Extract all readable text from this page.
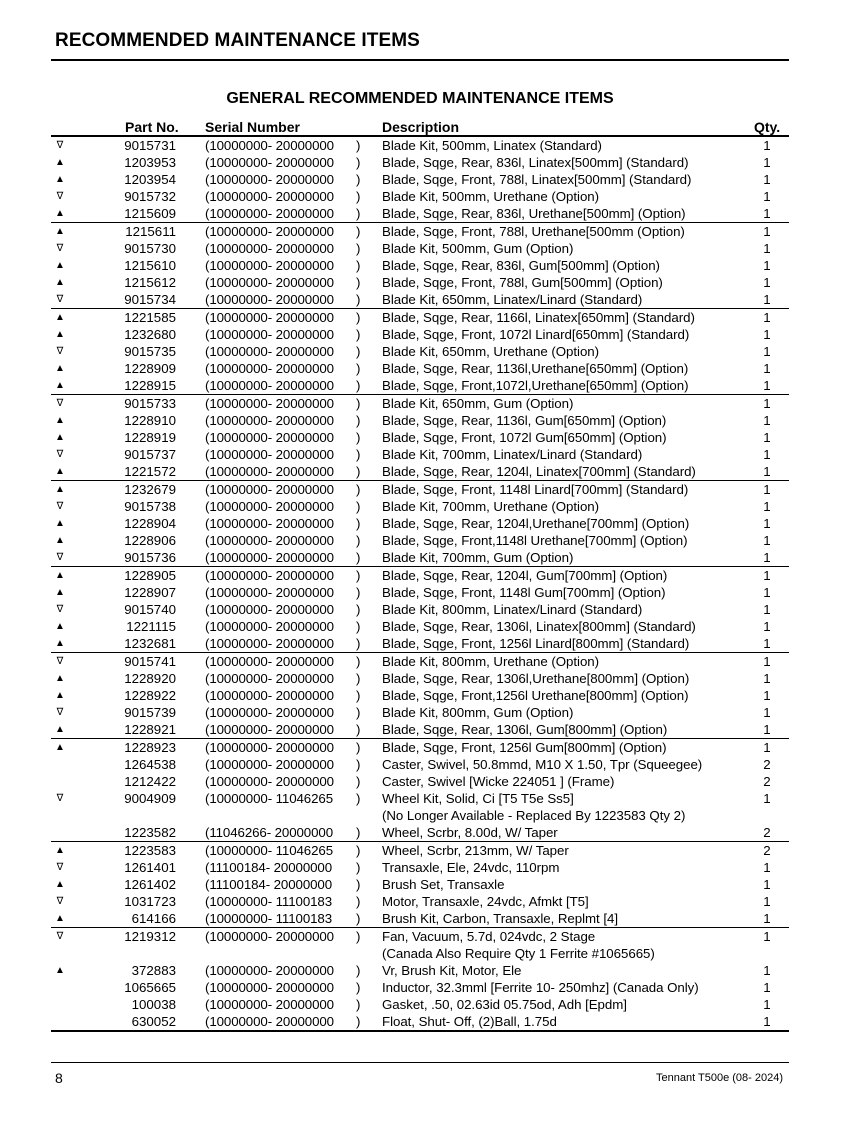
RECOMMENDED MAINTENANCE ITEMS
GENERAL RECOMMENDED MAINTENANCE ITEMS
Part No. Serial Number	Description	Qty.
∇	9015731 (10000000- 20000000 ) Blade Kit, 500mm, Linatex (Standard)	1
▲	1203953 (10000000- 20000000 ) Blade, Sqge, Rear, 836l, Linatex[500mm] (Standard)	1
▲	1203954 (10000000- 20000000 ) Blade, Sqge, Front, 788l, Linatex[500mm] (Standard)	1
∇	9015732 (10000000- 20000000 ) Blade Kit, 500mm, Urethane (Option)	1
▲	1215609 (10000000- 20000000 ) Blade, Sqge, Rear, 836l, Urethane[500mm] (Option)	1
▲	1215611 (10000000- 20000000 ) Blade, Sqge, Front, 788l, Urethane[500mm (Option)	1
∇	9015730 (10000000- 20000000 ) Blade Kit, 500mm, Gum (Option)	1
▲	1215610 (10000000- 20000000 ) Blade, Sqge, Rear, 836l, Gum[500mm] (Option)	1
▲	1215612 (10000000- 20000000 ) Blade, Sqge, Front, 788l, Gum[500mm] (Option)	1
∇	9015734 (10000000- 20000000 ) Blade Kit, 650mm, Linatex/Linard (Standard)	1
▲	1221585 (10000000- 20000000 ) Blade, Sqge, Rear, 1166l, Linatex[650mm] (Standard)	1
▲	1232680 (10000000- 20000000 ) Blade, Sqge, Front, 1072l Linard[650mm] (Standard)	1
∇	9015735 (10000000- 20000000 ) Blade Kit, 650mm, Urethane (Option)	1
▲	1228909 (10000000- 20000000 ) Blade, Sqge, Rear, 1136l,Urethane[650mm] (Option)	1
▲	1228915 (10000000- 20000000 ) Blade, Sqge, Front,1072l,Urethane[650mm] (Option)	1
∇	9015733 (10000000- 20000000 ) Blade Kit, 650mm, Gum (Option)	1
▲	1228910 (10000000- 20000000 ) Blade, Sqge, Rear, 1136l, Gum[650mm] (Option)	1
▲	1228919 (10000000- 20000000 ) Blade, Sqge, Front, 1072l Gum[650mm] (Option)	1
∇	9015737 (10000000- 20000000 ) Blade Kit, 700mm, Linatex/Linard (Standard)	1
▲	1221572 (10000000- 20000000 ) Blade, Sqge, Rear, 1204l, Linatex[700mm] (Standard)	1
▲	1232679 (10000000- 20000000 ) Blade, Sqge, Front, 1148l Linard[700mm] (Standard)	1
∇	9015738 (10000000- 20000000 ) Blade Kit, 700mm, Urethane (Option)	1
▲	1228904 (10000000- 20000000 ) Blade, Sqge, Rear, 1204l,Urethane[700mm] (Option)	1
▲	1228906 (10000000- 20000000 ) Blade, Sqge, Front,1148l Urethane[700mm] (Option)	1
∇	9015736 (10000000- 20000000 ) Blade Kit, 700mm, Gum (Option)	1
▲	1228905 (10000000- 20000000 ) Blade, Sqge, Rear, 1204l, Gum[700mm] (Option)	1
▲	1228907 (10000000- 20000000 ) Blade, Sqge, Front, 1148l Gum[700mm] (Option)	1
∇	9015740 (10000000- 20000000 ) Blade Kit, 800mm, Linatex/Linard (Standard)	1
▲	1221115 (10000000- 20000000 ) Blade, Sqge, Rear, 1306l, Linatex[800mm] (Standard)	1
▲	1232681 (10000000- 20000000 ) Blade, Sqge, Front, 1256l Linard[800mm] (Standard)	1
∇	9015741 (10000000- 20000000 ) Blade Kit, 800mm, Urethane (Option)	1
▲	1228920 (10000000- 20000000 ) Blade, Sqge, Rear, 1306l,Urethane[800mm] (Option)	1
▲	1228922 (10000000- 20000000 ) Blade, Sqge, Front,1256l Urethane[800mm] (Option)	1
∇	9015739 (10000000- 20000000 ) Blade Kit, 800mm, Gum (Option)	1
▲	1228921 (10000000- 20000000 ) Blade, Sqge, Rear, 1306l, Gum[800mm] (Option)	1
▲	1228923 (10000000- 20000000 ) Blade, Sqge, Front, 1256l Gum[800mm] (Option)	1
1264538 (10000000- 20000000 ) Caster, Swivel, 50.8mmd, M10 X 1.50, Tpr (Squeegee)	2
1212422 (10000000- 20000000 ) Caster, Swivel [Wicke 224051 ] (Frame)	2
∇	9004909 (10000000- 11046265 ) Wheel Kit, Solid, Ci [T5 T5e Ss5]	1
(No Longer Available - Replaced By 1223583 Qty 2)
1223582 (11046266- 20000000 ) Wheel, Scrbr, 8.00d, W/ Taper	2
▲	1223583 (10000000- 11046265 ) Wheel, Scrbr, 213mm, W/ Taper	2
∇	1261401 (11100184- 20000000 ) Transaxle, Ele, 24vdc, 110rpm	1
▲	1261402 (11100184- 20000000 ) Brush Set, Transaxle	1
∇	1031723 (10000000- 11100183 ) Motor, Transaxle, 24vdc, Afmkt [T5]	1
▲	614166 (10000000- 11100183 ) Brush Kit, Carbon, Transaxle, Replmt [4]	1
∇	1219312 (10000000- 20000000 ) Fan, Vacuum, 5.7d, 024vdc, 2 Stage	1
(Canada Also Require Qty 1 Ferrite #1065665)
▲	372883 (10000000- 20000000 ) Vr, Brush Kit, Motor, Ele	1
1065665 (10000000- 20000000 ) Inductor, 32.3mml [Ferrite 10- 250mhz] (Canada Only)	1
100038 (10000000- 20000000 ) Gasket, .50, 02.63id 05.75od, Adh [Epdm]	1
630052 (10000000- 20000000 ) Float, Shut- Off, (2)Ball, 1.75d	1
8	Tennant T500e (08- 2024)
